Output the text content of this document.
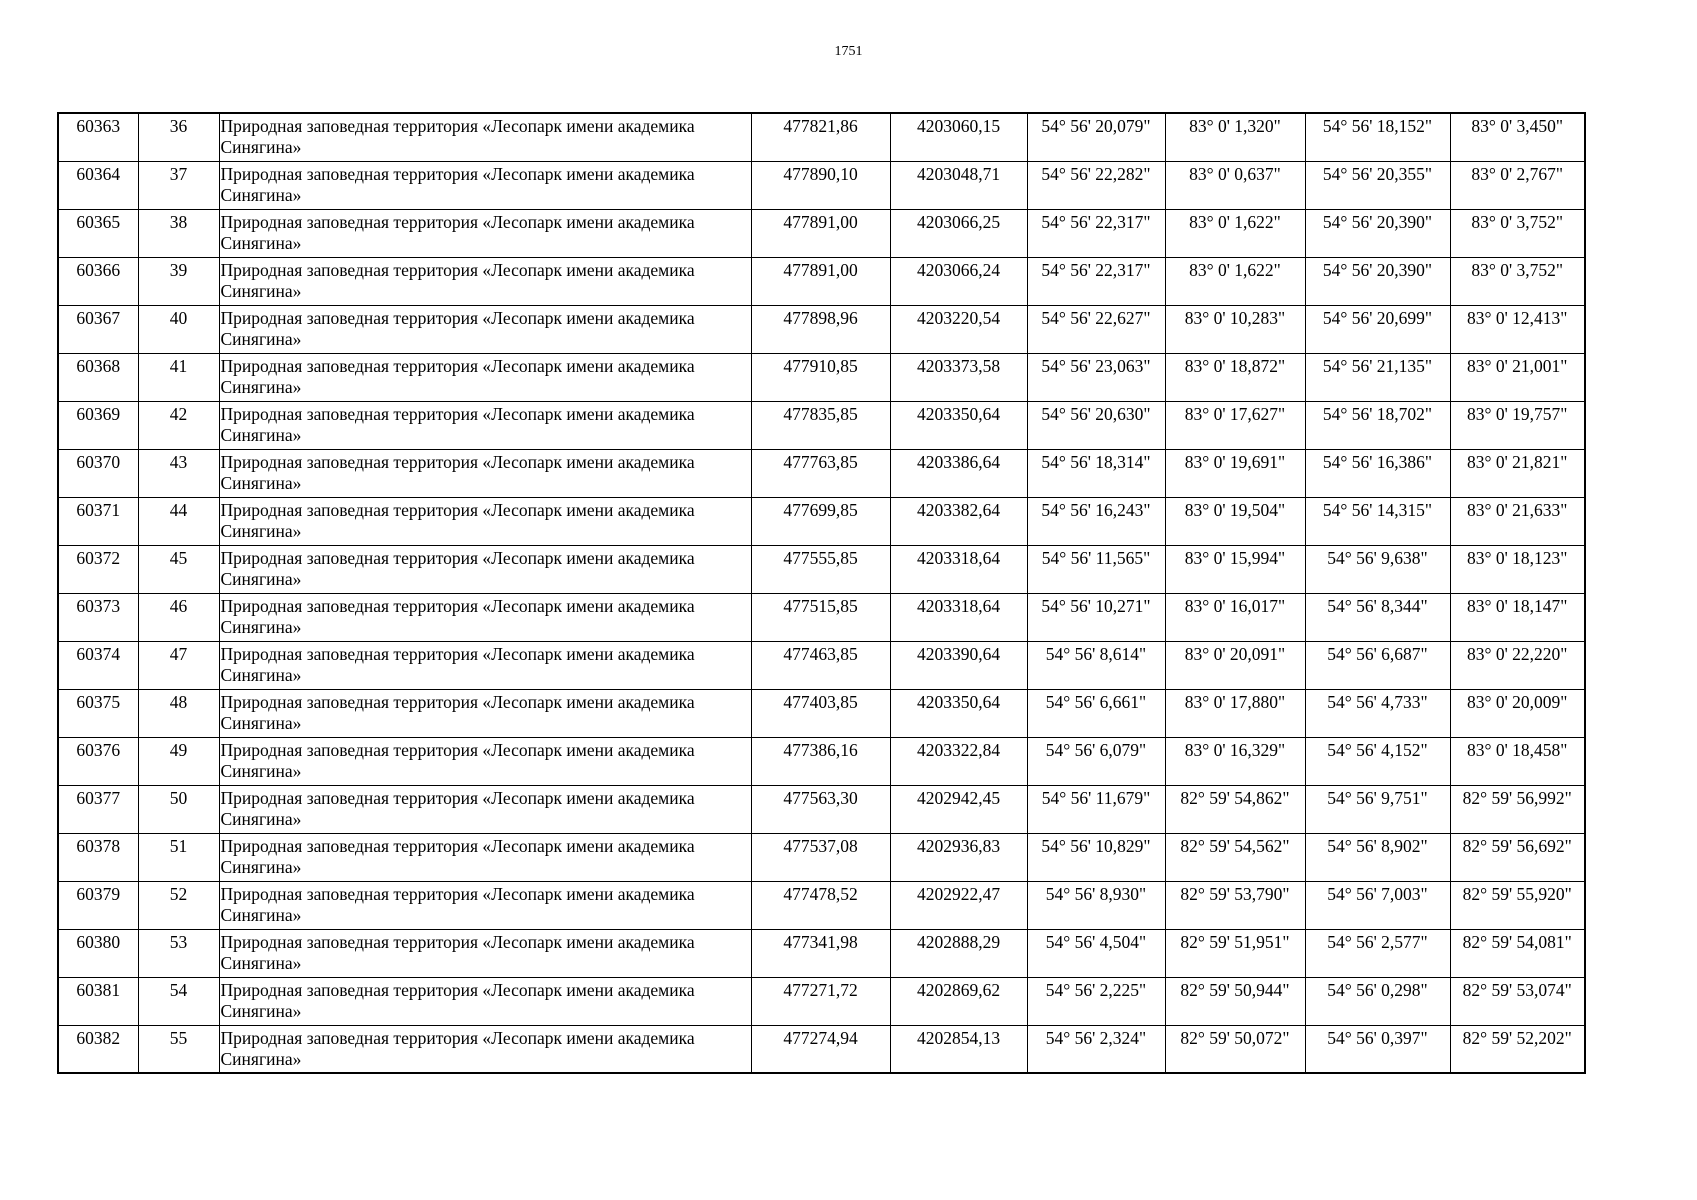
1751
60363	36	Природная заповедная территория «Лесопарк имени академика Синягина»	477821,86	4203060,15	54° 56' 20,079"	83° 0' 1,320"	54° 56' 18,152"	83° 0' 3,450"
60364	37	Природная заповедная территория «Лесопарк имени академика Синягина»	477890,10	4203048,71	54° 56' 22,282"	83° 0' 0,637"	54° 56' 20,355"	83° 0' 2,767"
60365	38	Природная заповедная территория «Лесопарк имени академика Синягина»	477891,00	4203066,25	54° 56' 22,317"	83° 0' 1,622"	54° 56' 20,390"	83° 0' 3,752"
60366	39	Природная заповедная территория «Лесопарк имени академика Синягина»	477891,00	4203066,24	54° 56' 22,317"	83° 0' 1,622"	54° 56' 20,390"	83° 0' 3,752"
60367	40	Природная заповедная территория «Лесопарк имени академика Синягина»	477898,96	4203220,54	54° 56' 22,627"	83° 0' 10,283"	54° 56' 20,699"	83° 0' 12,413"
60368	41	Природная заповедная территория «Лесопарк имени академика Синягина»	477910,85	4203373,58	54° 56' 23,063"	83° 0' 18,872"	54° 56' 21,135"	83° 0' 21,001"
60369	42	Природная заповедная территория «Лесопарк имени академика Синягина»	477835,85	4203350,64	54° 56' 20,630"	83° 0' 17,627"	54° 56' 18,702"	83° 0' 19,757"
60370	43	Природная заповедная территория «Лесопарк имени академика Синягина»	477763,85	4203386,64	54° 56' 18,314"	83° 0' 19,691"	54° 56' 16,386"	83° 0' 21,821"
60371	44	Природная заповедная территория «Лесопарк имени академика Синягина»	477699,85	4203382,64	54° 56' 16,243"	83° 0' 19,504"	54° 56' 14,315"	83° 0' 21,633"
60372	45	Природная заповедная территория «Лесопарк имени академика Синягина»	477555,85	4203318,64	54° 56' 11,565"	83° 0' 15,994"	54° 56' 9,638"	83° 0' 18,123"
60373	46	Природная заповедная территория «Лесопарк имени академика Синягина»	477515,85	4203318,64	54° 56' 10,271"	83° 0' 16,017"	54° 56' 8,344"	83° 0' 18,147"
60374	47	Природная заповедная территория «Лесопарк имени академика Синягина»	477463,85	4203390,64	54° 56' 8,614"	83° 0' 20,091"	54° 56' 6,687"	83° 0' 22,220"
60375	48	Природная заповедная территория «Лесопарк имени академика Синягина»	477403,85	4203350,64	54° 56' 6,661"	83° 0' 17,880"	54° 56' 4,733"	83° 0' 20,009"
60376	49	Природная заповедная территория «Лесопарк имени академика Синягина»	477386,16	4203322,84	54° 56' 6,079"	83° 0' 16,329"	54° 56' 4,152"	83° 0' 18,458"
60377	50	Природная заповедная территория «Лесопарк имени академика Синягина»	477563,30	4202942,45	54° 56' 11,679"	82° 59' 54,862"	54° 56' 9,751"	82° 59' 56,992"
60378	51	Природная заповедная территория «Лесопарк имени академика Синягина»	477537,08	4202936,83	54° 56' 10,829"	82° 59' 54,562"	54° 56' 8,902"	82° 59' 56,692"
60379	52	Природная заповедная территория «Лесопарк имени академика Синягина»	477478,52	4202922,47	54° 56' 8,930"	82° 59' 53,790"	54° 56' 7,003"	82° 59' 55,920"
60380	53	Природная заповедная территория «Лесопарк имени академика Синягина»	477341,98	4202888,29	54° 56' 4,504"	82° 59' 51,951"	54° 56' 2,577"	82° 59' 54,081"
60381	54	Природная заповедная территория «Лесопарк имени академика Синягина»	477271,72	4202869,62	54° 56' 2,225"	82° 59' 50,944"	54° 56' 0,298"	82° 59' 53,074"
60382	55	Природная заповедная территория «Лесопарк имени академика Синягина»	477274,94	4202854,13	54° 56' 2,324"	82° 59' 50,072"	54° 56' 0,397"	82° 59' 52,202"
